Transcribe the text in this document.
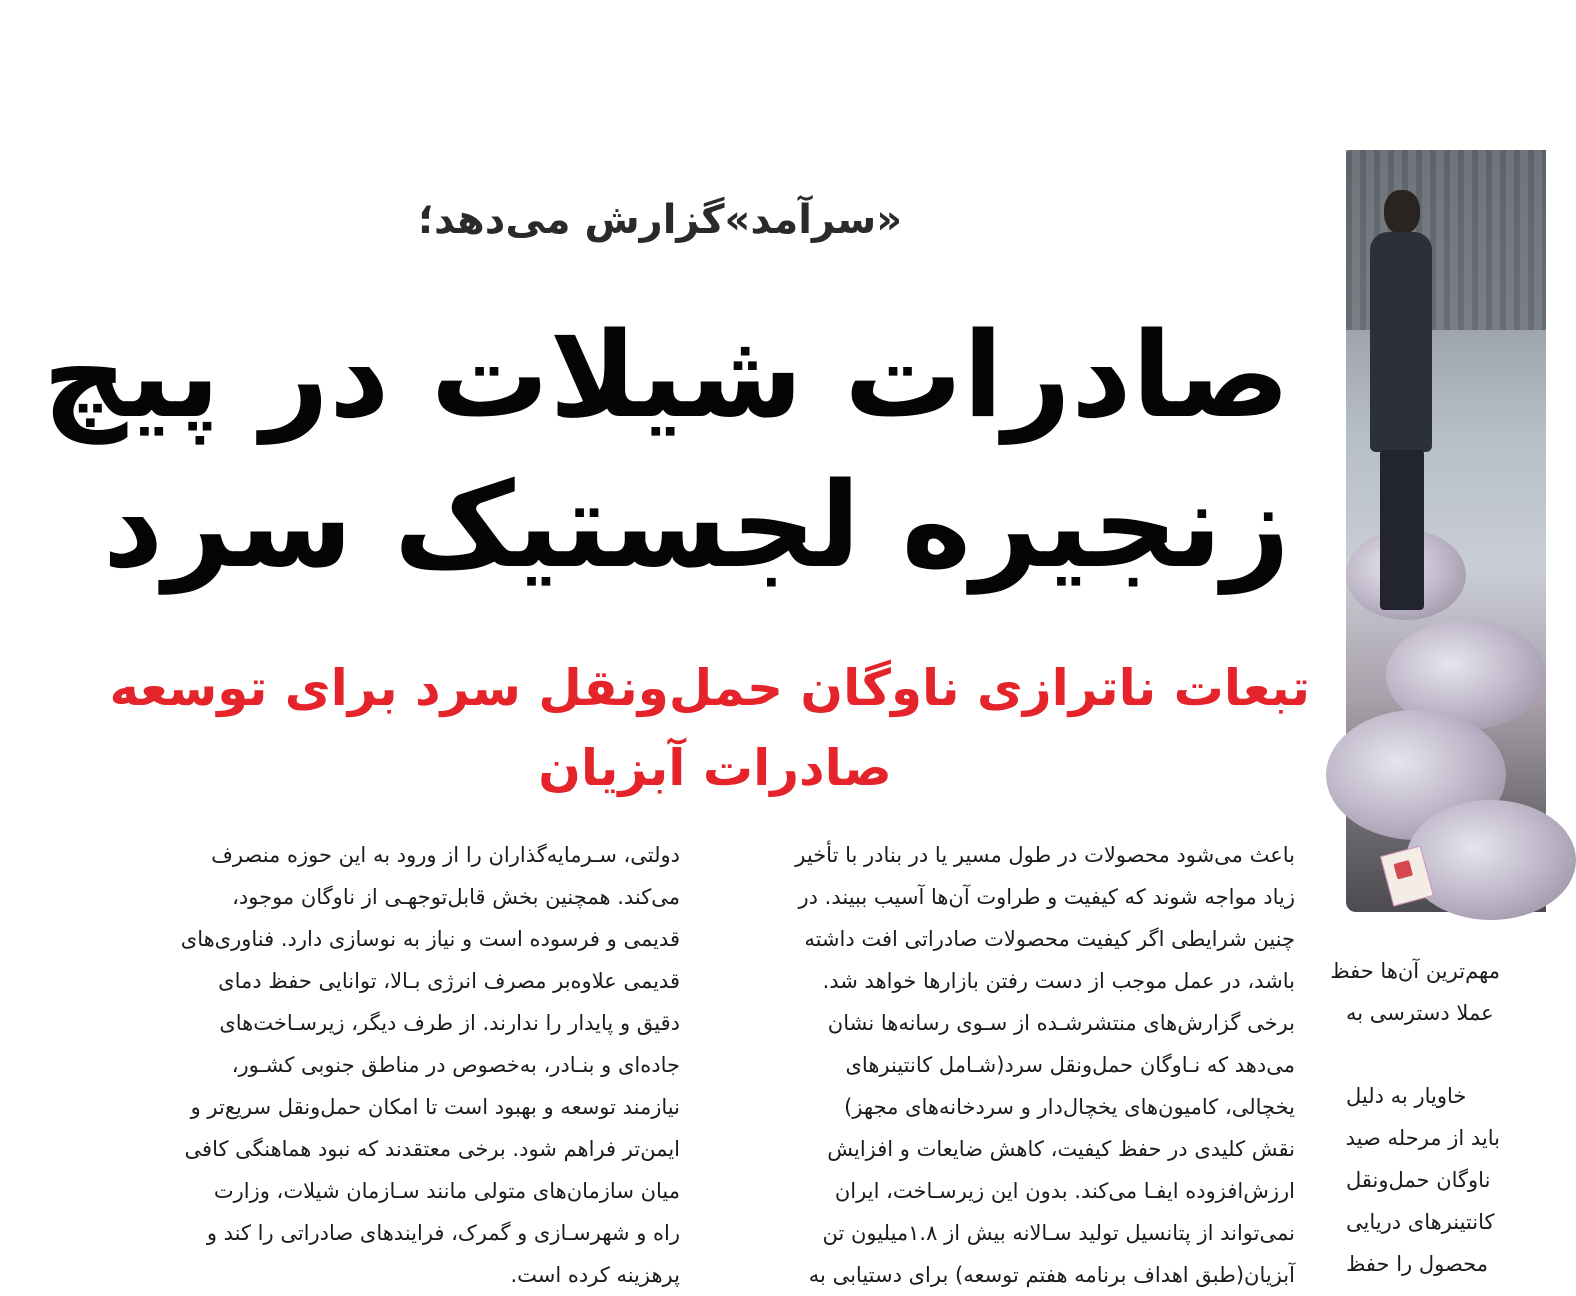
«سرآمد»گزارش می‌دهد؛
صادرات شیلات در پیچ
زنجیره لجستیک سرد
تبعات ناترازی ناوگان حمل‌ونقل سرد برای توسعه
صادرات آبزیان

باعث می‌شود محصولات در طول مسیر یا در بنادر با تأخیر

زیاد مواجه شوند که کیفیت و طراوت آن‌ها آسیب ببیند. در

چنین شرایطی اگر کیفیت محصولات صادراتی افت داشته

باشد، در عمل موجب از دست رفتن بازارها خواهد شد.

برخی گزارش‌های منتشرشـده از سـوی رسانه‌ها نشان

می‌دهد که نـاوگان حمل‌ونقل سرد(شـامل کانتینرهای

یخچالی، کامیون‌های یخچال‌دار و سردخانه‌های مجهز)

نقش کلیدی در حفظ کیفیت، کاهش ضایعات و افزایش

ارزش‌افزوده ایفـا می‌کند. بدون این زیرسـاخت، ایران

نمی‌تواند از پتانسیل تولید سـالانه بیش از ۱.۸میلیون تن

آبزیان(طبق اهداف برنامه هفتم توسعه) برای دستیابی به

دولتی، سـرمایه‌گذاران را از ورود به این حوزه منصرف

می‌کند. همچنین بخش قابل‌توجهـی از ناوگان موجود،

قدیمی و فرسوده است و نیاز به نوسازی دارد. فناوری‌های

قدیمی علاوه‌بر مصرف انرژی بـالا، توانایی حفظ دمای

دقیق و پایدار را ندارند. از طرف دیگر، زیرسـاخت‌های

جاده‌ای و بنـادر، به‌خصوص در مناطق جنوبی کشـور،

نیازمند توسعه و بهبود است تا امکان حمل‌ونقل سریع‌تر و

ایمن‌تر فراهم شود. برخی معتقدند که نبود هماهنگی کافی

میان سازمان‌های متولی مانند سـازمان شیلات، وزارت

راه و شهرسـازی و گمرک، فرایندهای صادراتی را کند و

پرهزینه کرده است.

مهم‌ترین آن‌ها حفظ

عملا دسترسی به

خاویار به دلیل

باید از مرحله صید

ناوگان حمل‌ونقل

کانتینرهای دریایی

محصول را حفظ
